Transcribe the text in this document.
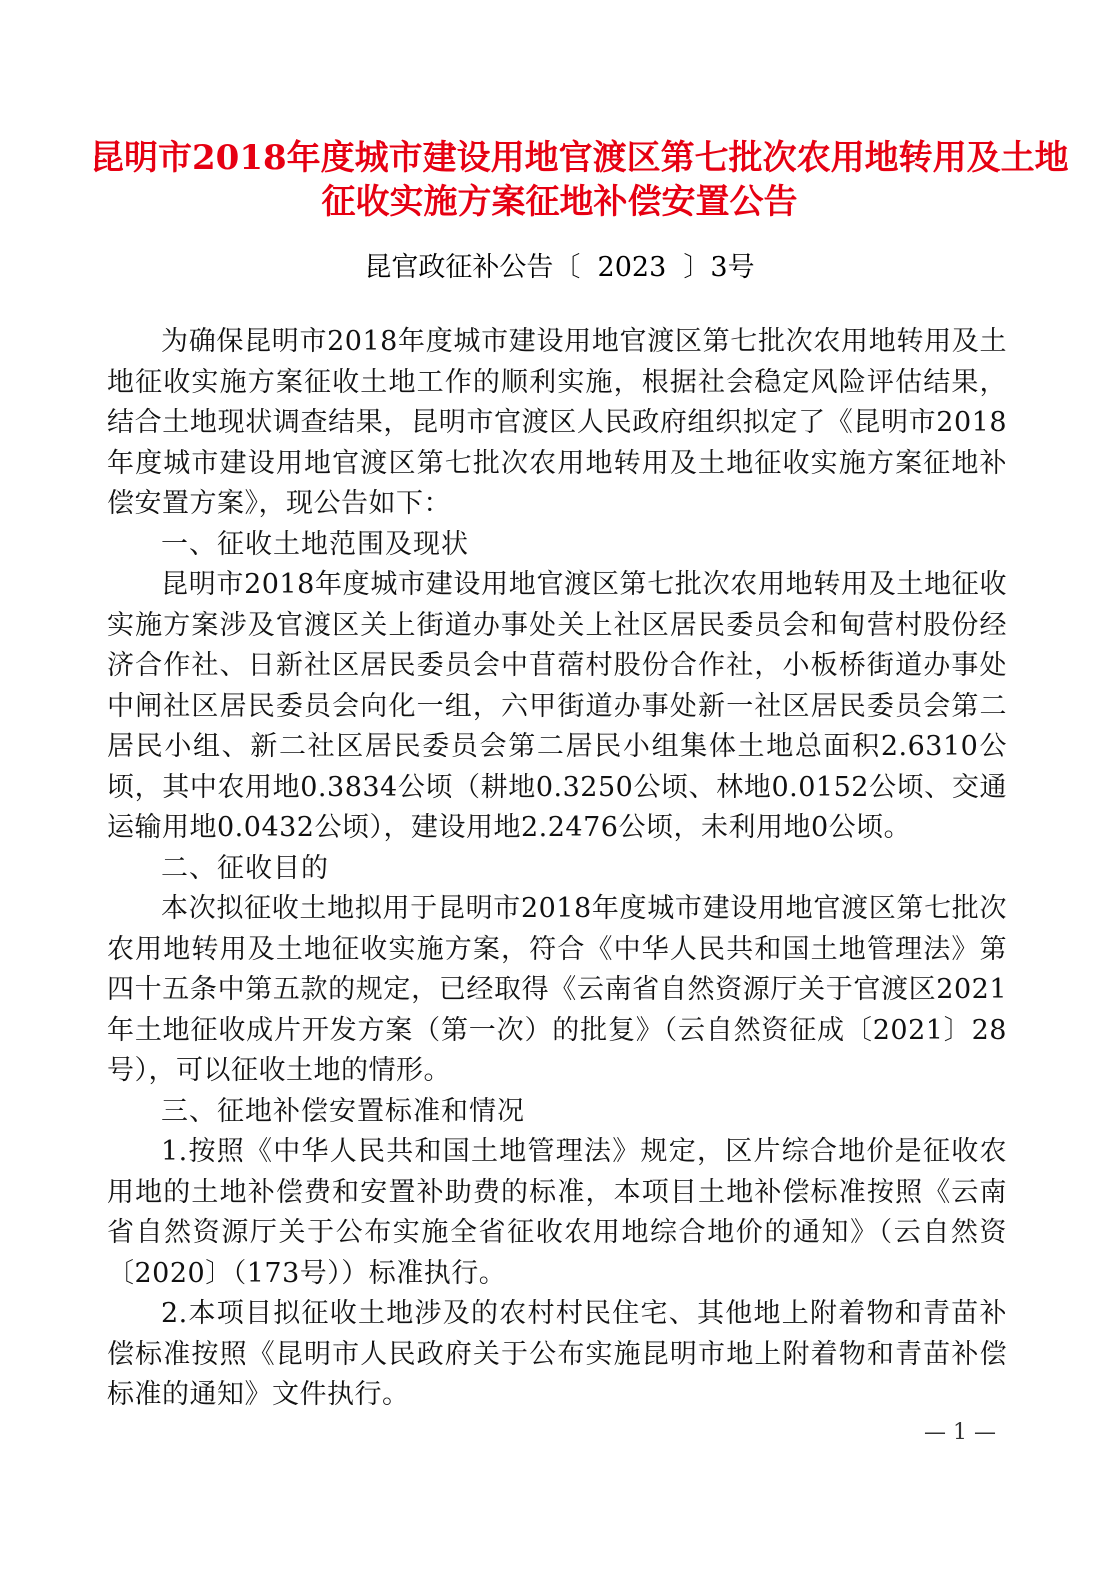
昆明市2018年度城市建设用地官渡区第七批次农用地转用及土地
征收实施方案征地补偿安置公告
昆官政征补公告〔  2023  〕3号

为确保昆明市2018年度城市建设用地官渡区第七批次农用地转用及土地征收实施方案征收土地工作的顺利实施，根据社会稳定风险评估结果，结合土地现状调查结果，昆明市官渡区人民政府组织拟定了《昆明市2018年度城市建设用地官渡区第七批次农用地转用及土地征收实施方案征地补偿安置方案》，现公告如下：

一、征收土地范围及现状

昆明市2018年度城市建设用地官渡区第七批次农用地转用及土地征收实施方案涉及官渡区关上街道办事处关上社区居民委员会和甸营村股份经济合作社、日新社区居民委员会中苜蓿村股份合作社，小板桥街道办事处中闸社区居民委员会向化一组，六甲街道办事处新一社区居民委员会第二居民小组、新二社区居民委员会第二居民小组集体土地总面积2.6310公顷，其中农用地0.3834公顷（耕地0.3250公顷、林地0.0152公顷、交通运输用地0.0432公顷），建设用地2.2476公顷，未利用地0公顷。

二、征收目的

本次拟征收土地拟用于昆明市2018年度城市建设用地官渡区第七批次农用地转用及土地征收实施方案，符合《中华人民共和国土地管理法》第四十五条中第五款的规定，已经取得《云南省自然资源厅关于官渡区2021年土地征收成片开发方案（第一次）的批复》（云自然资征成〔2021〕28号），可以征收土地的情形。

三、征地补偿安置标准和情况

1.按照《中华人民共和国土地管理法》规定，区片综合地价是征收农用地的土地补偿费和安置补助费的标准，本项目土地补偿标准按照《云南省自然资源厅关于公布实施全省征收农用地综合地价的通知》（云自然资〔2020〕（173号））标准执行。

2.本项目拟征收土地涉及的农村村民住宅、其他地上附着物和青苗补偿标准按照《昆明市人民政府关于公布实施昆明市地上附着物和青苗补偿标准的通知》文件执行。

— 1 —
